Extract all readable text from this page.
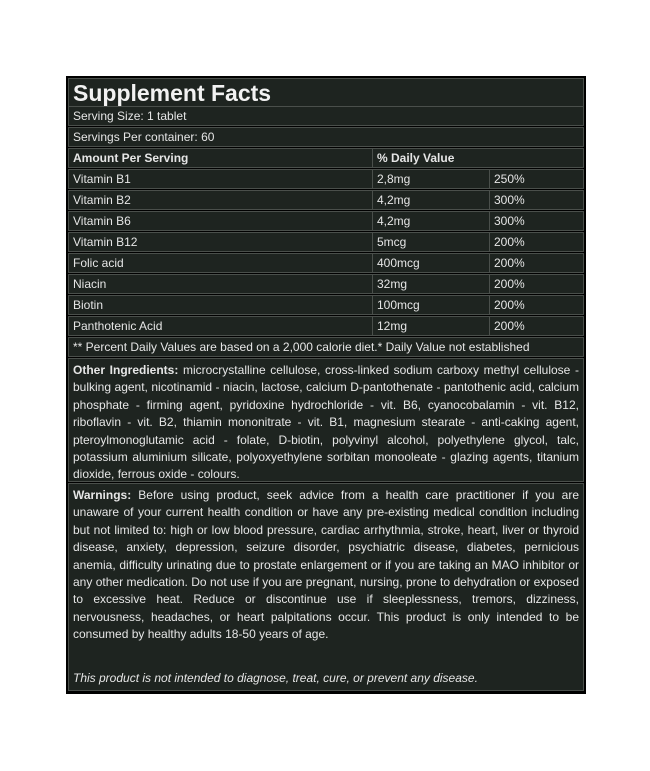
Supplement Facts
Serving Size: 1 tablet
Servings Per container: 60
Amount Per Serving	% Daily Value
Vitamin B1	2,8mg	250%
Vitamin B2	4,2mg	300%
Vitamin B6	4,2mg	300%
Vitamin B12	5mcg	200%
Folic acid	400mcg	200%
Niacin	32mg	200%
Biotin	100mcg	200%
Panthotenic Acid	12mg	200%
** Percent Daily Values are based on a 2,000 calorie diet.* Daily Value not established
Other Ingredients: microcrystalline cellulose, cross-linked sodium carboxy methyl cellulose - bulking agent, nicotinamid - niacin, lactose, calcium D-pantothenate - pantothenic acid, calcium phosphate - firming agent, pyridoxine hydrochloride - vit. B6, cyanocobalamin - vit. B12, riboflavin - vit. B2, thiamin mononitrate - vit. B1, magnesium stearate - anti-caking agent, pteroylmonoglutamic acid - folate, D-biotin, polyvinyl alcohol, polyethylene glycol, talc, potassium aluminium silicate, polyoxyethylene sorbitan monooleate - glazing agents, titanium dioxide, ferrous oxide - colours.
Warnings: Before using product, seek advice from a health care practitioner if you are unaware of your current health condition or have any pre-existing medical condition including but not limited to: high or low blood pressure, cardiac arrhythmia, stroke, heart, liver or thyroid disease, anxiety, depression, seizure disorder, psychiatric disease, diabetes, pernicious anemia, difficulty urinating due to prostate enlargement or if you are taking an MAO inhibitor or any other medication. Do not use if you are pregnant, nursing, prone to dehydration or exposed to excessive heat. Reduce or discontinue use if sleeplessness, tremors, dizziness, nervousness, headaches, or heart palpitations occur. This product is only intended to be consumed by healthy adults 18-50 years of age.
This product is not intended to diagnose, treat, cure, or prevent any disease.
